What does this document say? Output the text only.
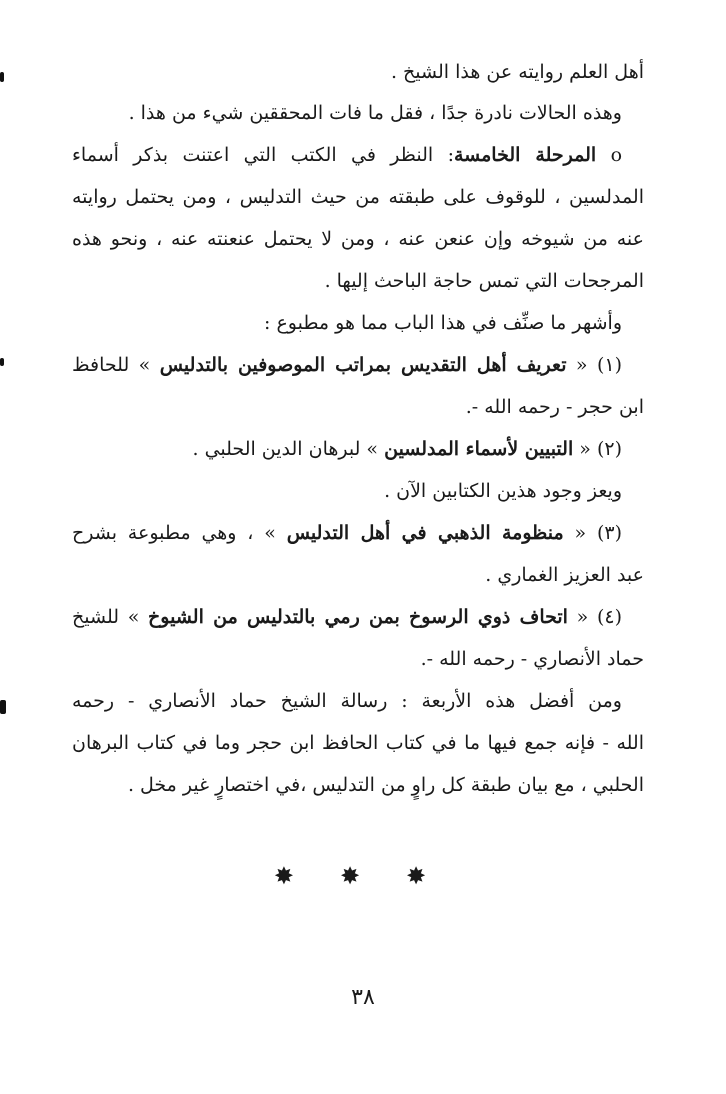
أهل العلم روايته عن هذا الشيخ .
وهذه الحالات نادرة جدًا ، فقل ما فات المحققين شيء من هذا .
o المرحلة الخامسة: النظر في الكتب التي اعتنت بذكر أسماء
المدلسين ، للوقوف على طبقته من حيث التدليس ، ومن يحتمل روايته
عنه من شيوخه وإن عنعن عنه ، ومن لا يحتمل عنعنته عنه ، ونحو هذه
المرجحات التي تمس حاجة الباحث إليها .
وأشهر ما صنِّف في هذا الباب مما هو مطبوع :
(١) « تعريف أهل التقديس بمراتب الموصوفين بالتدليس » للحافظ
ابن حجر - رحمه الله -.
(٢) « التبيين لأسماء المدلسين » لبرهان الدين الحلبي .
ويعز وجود هذين الكتابين الآن .
(٣) « منظومة الذهبي في أهل التدليس » ، وهي مطبوعة بشرح
عبد العزيز الغماري .
(٤) « اتحاف ذوي الرسوخ بمن رمي بالتدليس من الشيوخ » للشيخ
حماد الأنصاري - رحمه الله -.
ومن أفضل هذه الأربعة : رسالة الشيخ حماد الأنصاري - رحمه
الله - فإنه جمع فيها ما في كتاب الحافظ ابن حجر وما في كتاب البرهان
الحلبي ، مع بيان طبقة كل راوٍ من التدليس ،في اختصارٍ غير مخل .
✸ ✸ ✸
٣٨
